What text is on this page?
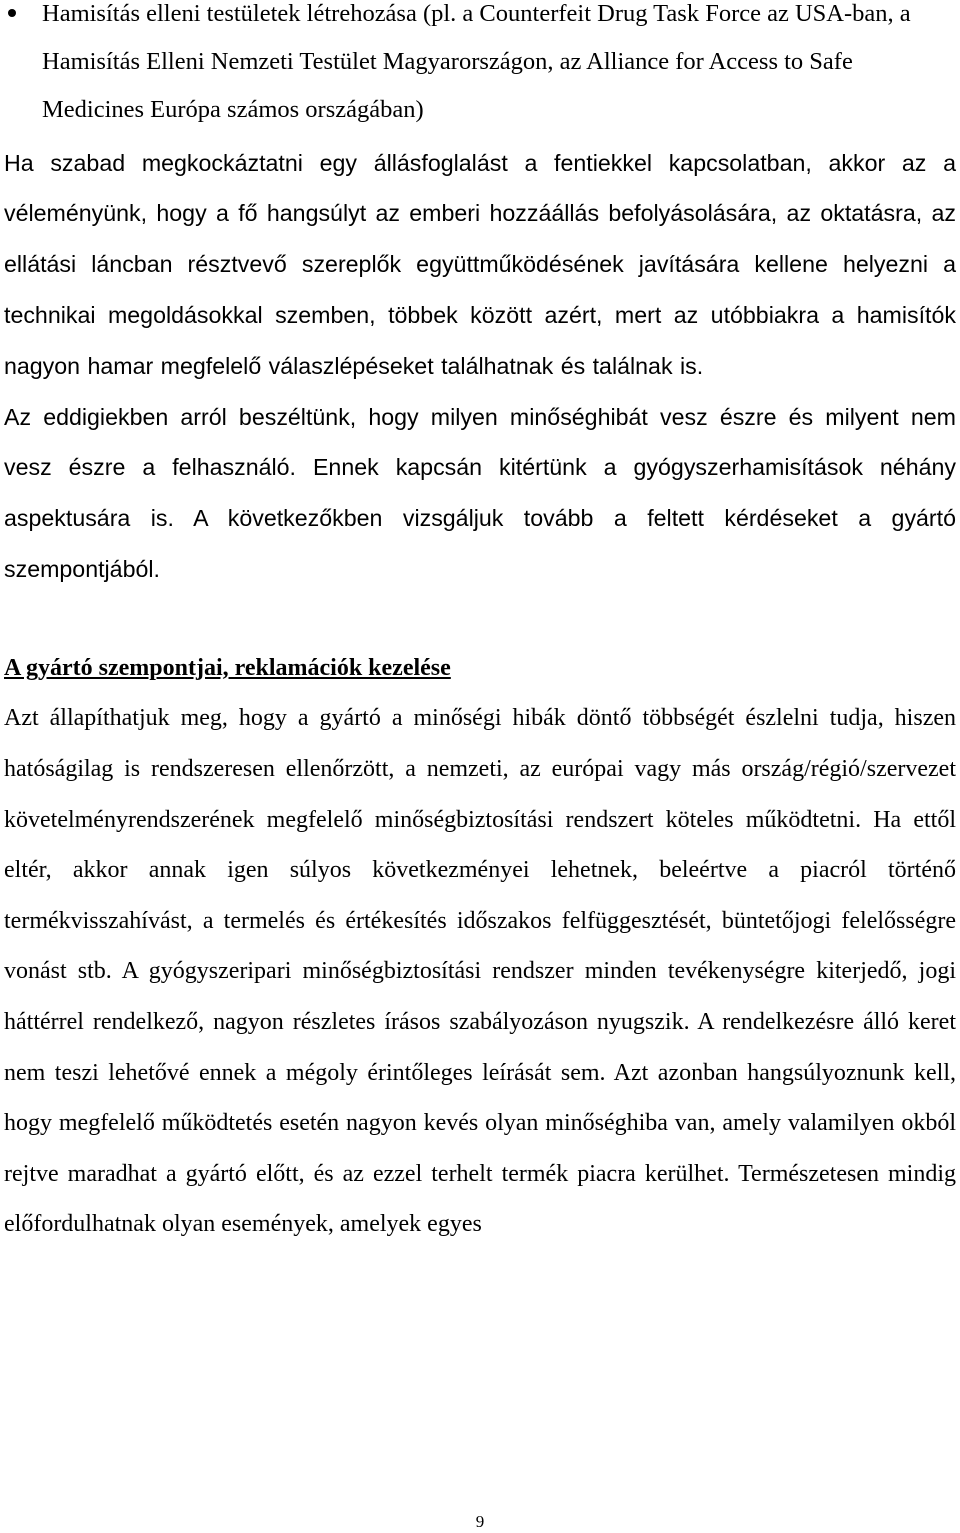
Hamisítás elleni testületek létrehozása (pl. a Counterfeit Drug Task Force az USA-ban, a Hamisítás Elleni Nemzeti Testület Magyarországon, az Alliance for Access to Safe Medicines Európa számos országában)

Ha szabad megkockáztatni egy állásfoglalást a fentiekkel kapcsolatban, akkor az a véleményünk, hogy a fő hangsúlyt az emberi hozzáállás befolyásolására, az oktatásra, az ellátási láncban résztvevő szereplők együttműködésének javítására kellene helyezni a technikai megoldásokkal szemben, többek között azért, mert az utóbbiakra a hamisítók nagyon hamar megfelelő válaszlépéseket találhatnak és találnak is.

Az eddigiekben arról beszéltünk, hogy milyen minőséghibát vesz észre és milyent nem vesz észre a felhasználó. Ennek kapcsán kitértünk a gyógyszerhamisítások néhány aspektusára is. A következőkben vizsgáljuk tovább a feltett kérdéseket a gyártó szempontjából.

A gyártó szempontjai, reklamációk kezelése

Azt állapíthatjuk meg, hogy a gyártó a minőségi hibák döntő többségét észlelni tudja, hiszen hatóságilag is rendszeresen ellenőrzött, a nemzeti, az európai vagy más ország/régió/szervezet követelményrendszerének megfelelő minőségbiztosítási rendszert köteles működtetni. Ha ettől eltér, akkor annak igen súlyos következményei lehetnek, beleértve a piacról történő termékvisszahívást, a termelés és értékesítés időszakos felfüggesztését, büntetőjogi felelősségre vonást stb. A gyógyszeripari minőségbiztosítási rendszer minden tevékenységre kiterjedő, jogi háttérrel rendelkező, nagyon részletes írásos szabályozáson nyugszik. A rendelkezésre álló keret nem teszi lehetővé ennek a mégoly érintőleges leírását sem. Azt azonban hangsúlyoznunk kell, hogy megfelelő működtetés esetén nagyon kevés olyan minőséghiba van, amely valamilyen okból rejtve maradhat a gyártó előtt, és az ezzel terhelt termék piacra kerülhet. Természetesen mindig előfordulhatnak olyan események, amelyek egyes

9
